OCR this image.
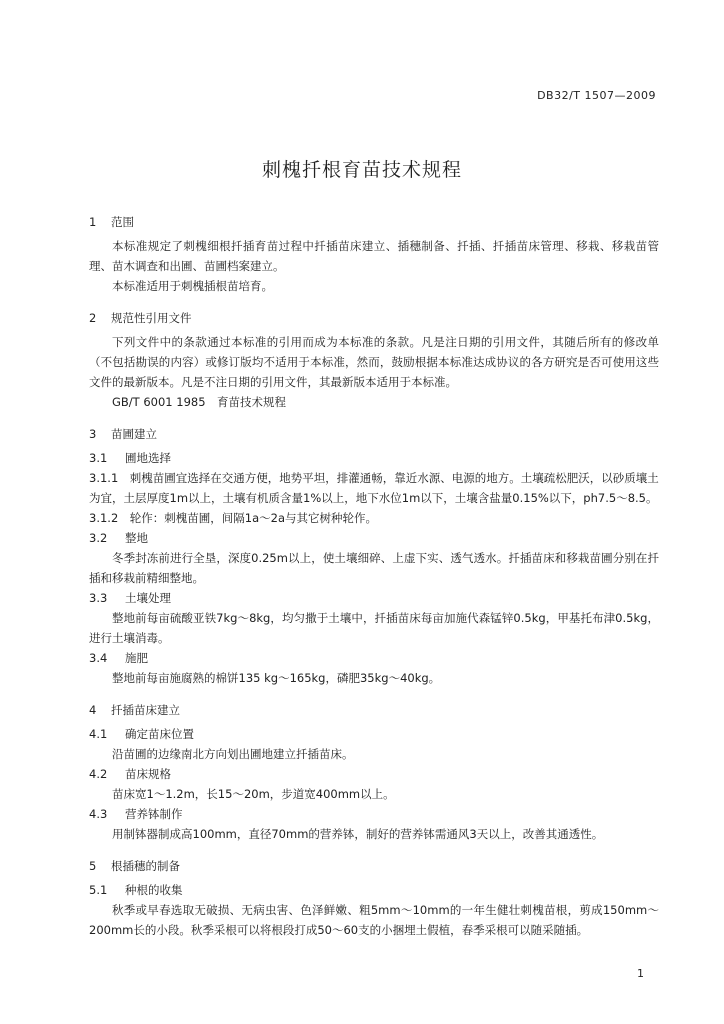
DB32/T 1507—2009
刺槐扦根育苗技术规程

1 范围

本标准规定了刺槐细根扦插育苗过程中扦插苗床建立、插穗制备、扦插、扦插苗床管理、移栽、移栽苗管理、苗木调查和出圃、苗圃档案建立。

本标准适用于刺槐插根苗培育。

2 规范性引用文件

下列文件中的条款通过本标准的引用而成为本标准的条款。凡是注日期的引用文件，其随后所有的修改单（不包括勘误的内容）或修订版均不适用于本标准，然而，鼓励根据本标准达成协议的各方研究是否可使用这些文件的最新版本。凡是不注日期的引用文件，其最新版本适用于本标准。

GB/T 6001 1985　育苗技术规程

3 苗圃建立

3.1 圃地选择

3.1.1　刺槐苗圃宜选择在交通方便，地势平坦，排灌通畅，靠近水源、电源的地方。土壤疏松肥沃，以砂质壤土为宜，土层厚度1m以上，土壤有机质含量1%以上，地下水位1m以下，土壤含盐量0.15%以下，ph7.5～8.5。

3.1.2　轮作：刺槐苗圃，间隔1a～2a与其它树种轮作。

3.2 整地

冬季封冻前进行全垦，深度0.25m以上，使土壤细碎、上虚下实、透气透水。扦插苗床和移栽苗圃分别在扦插和移栽前精细整地。

3.3 土壤处理

整地前每亩硫酸亚铁7kg～8kg，均匀撒于土壤中，扦插苗床每亩加施代森锰锌0.5kg，甲基托布津0.5kg，进行土壤消毒。

3.4 施肥

整地前每亩施腐熟的棉饼135 kg～165kg，磷肥35kg～40kg。

4 扦插苗床建立

4.1 确定苗床位置

沿苗圃的边缘南北方向划出圃地建立扦插苗床。

4.2 苗床规格

苗床宽1～1.2m，长15～20m，步道宽400mm以上。

4.3 营养钵制作

用制钵器制成高100mm，直径70mm的营养钵，制好的营养钵需通风3天以上，改善其通透性。

5 根插穗的制备

5.1 种根的收集

秋季或早春选取无破损、无病虫害、色泽鲜嫩、粗5mm～10mm的一年生健壮刺槐苗根，剪成150mm～200mm长的小段。秋季采根可以将根段打成50～60支的小捆埋土假植，春季采根可以随采随插。

1
